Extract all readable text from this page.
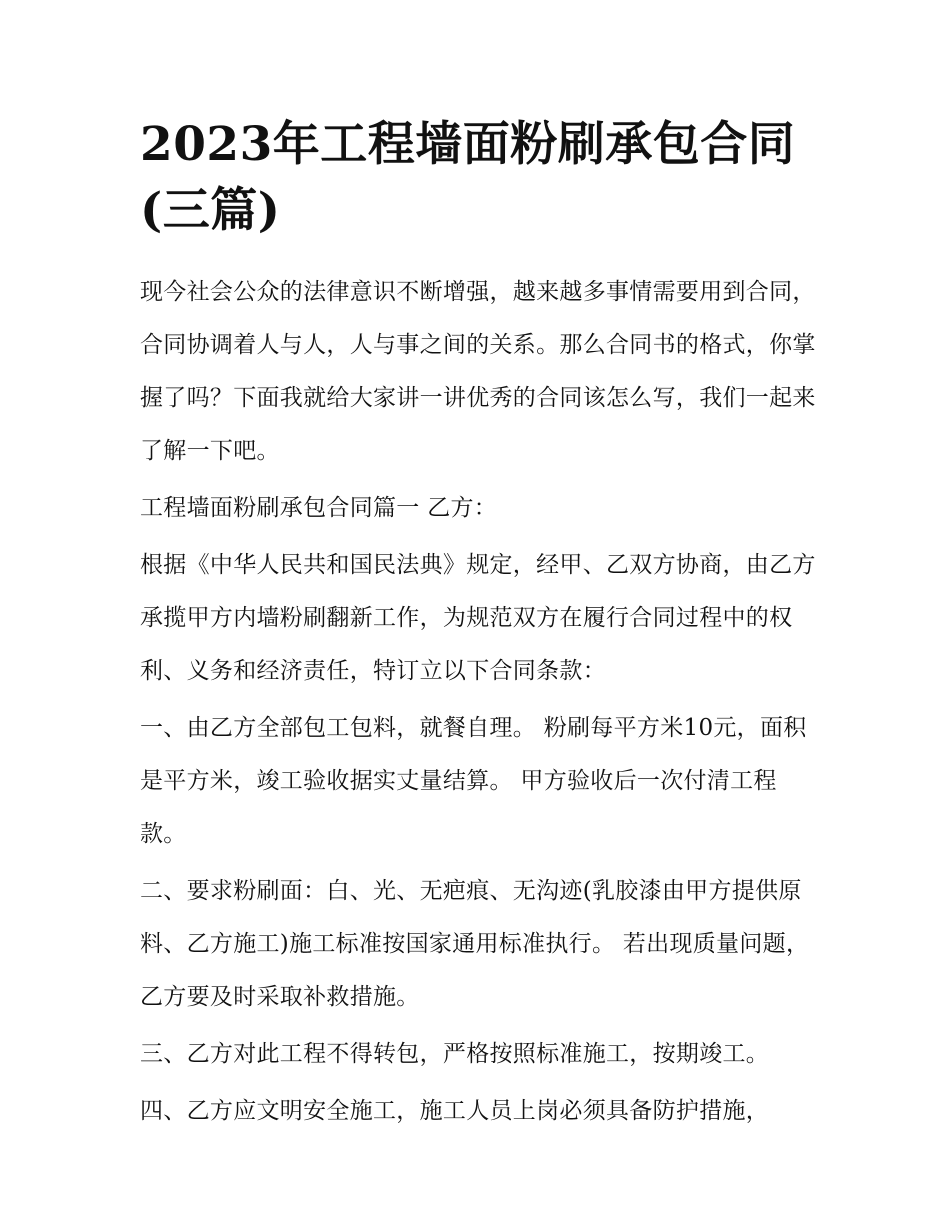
2023年工程墙面粉刷承包合同
(三篇)

现今社会公众的法律意识不断增强，越来越多事情需要用到合同，合同协调着人与人，人与事之间的关系。那么合同书的格式，你掌握了吗？下面我就给大家讲一讲优秀的合同该怎么写，我们一起来了解一下吧。

工程墙面粉刷承包合同篇一 乙方：

根据《中华人民共和国民法典》规定，经甲、乙双方协商，由乙方承揽甲方内墙粉刷翻新工作，为规范双方在履行合同过程中的权利、义务和经济责任，特订立以下合同条款：

一、由乙方全部包工包料，就餐自理。 粉刷每平方米10元，面积是平方米，竣工验收据实丈量结算。 甲方验收后一次付清工程款。

二、要求粉刷面：白、光、无疤痕、无沟迹(乳胶漆由甲方提供原料、乙方施工)施工标准按国家通用标准执行。 若出现质量问题，乙方要及时采取补救措施。

三、乙方对此工程不得转包，严格按照标准施工，按期竣工。

四、乙方应文明安全施工，施工人员上岗必须具备防护措施，
